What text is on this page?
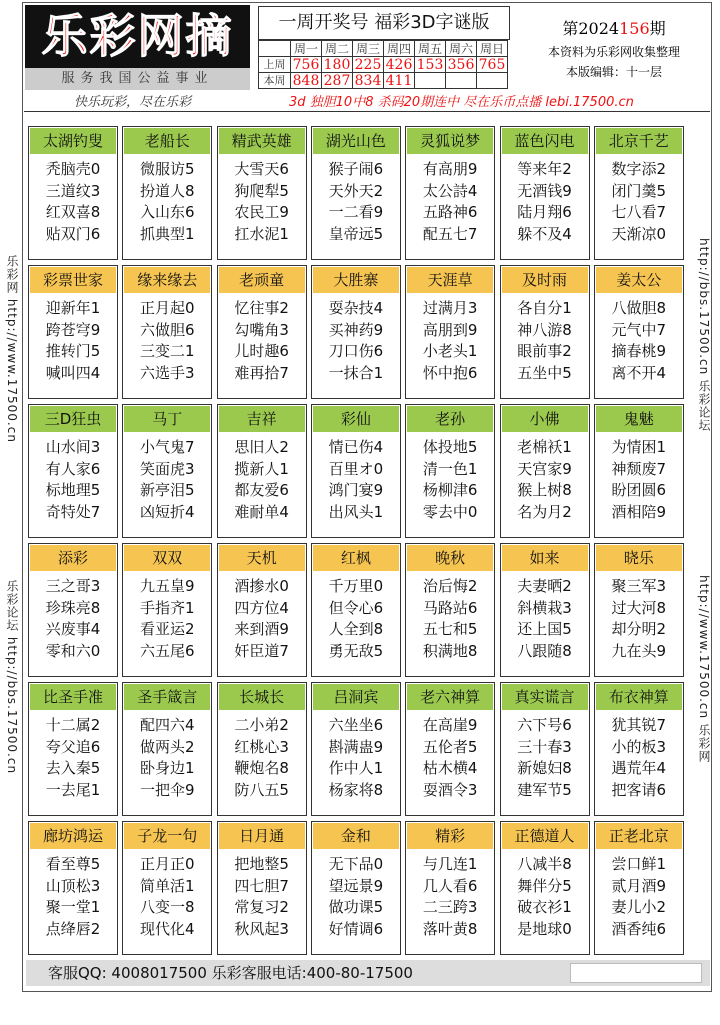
乐彩网摘
服务我国公益事业
一周开奖号 福彩3D字谜版
	周一	周二	周三	周四	周五	周六	周日
上周	756	180	225	426	153	356	765
本周	848	287	834	411			
第2024156期
本资料为乐彩网收集整理
本版编辑：十一层
快乐玩彩，尽在乐彩	3d 独胆10中8 杀码20期连中 尽在乐币点播 lebi.17500.cn
乐彩网 http://www.17500.cn
乐彩论坛 http://bbs.17500.cn
http://bbs.17500.cn 乐彩论坛
http://www.17500.cn 乐彩网
太湖钓叟
秃脑壳0
三道纹3
红双喜8
贴双门6
老船长
微服访5
扮道人8
入山东6
抓典型1
精武英雄
大雪天6
狗爬犁5
农民工9
扛水泥1
湖光山色
猴子闹6
天外天2
一二看9
皇帝远5
灵狐说梦
有高朋9
太公詩4
五路神6
配五七7
蓝色闪电
等来年2
无酒钱9
陆月翔6
躲不及4
北京千艺
数字添2
闭门羹5
七八看7
天渐凉0
彩票世家
迎新年1
跨苍穹9
推转门5
喊叫四4
缘来缘去
正月起0
六做胆6
三变二1
六选手3
老顽童
忆往事2
勾嘴角3
儿时趣6
难再拾7
大胜寨
耍杂技4
买神药9
刀口伤6
一抹合1
天涯草
过满月3
高朋到9
小老头1
怀中抱6
及时雨
各自分1
神八游8
眼前事2
五坐中5
姜太公
八做胆8
元气中7
摘春桃9
离不开4
三D狂虫
山水间3
有人家6
标地理5
奇特处7
马丁
小气鬼7
笑面虎3
新亭泪5
凶短折4
吉祥
思旧人2
揽新人1
都友爱6
难耐单4
彩仙
情已伤4
百里オ0
鸿门宴9
出风头1
老孙
体投地5
清一色1
杨柳津6
零去中0
小佛
老棉袄1
天宫家9
猴上树8
名为月2
鬼魅
为情困1
神颓废7
盼团圆6
酒相陪9
添彩
三之哥3
珍珠亮8
兴废事4
零和六0
双双
九五皇9
手指齐1
看亚运2
六五尾6
天机
酒掺水0
四方位4
来到酒9
奸臣道7
红枫
千万里0
但令心6
人全到8
勇无敌5
晚秋
治后悔2
马路站6
五七和5
积满地8
如来
夫妻晒2
斜横栽3
还上国5
八跟随8
晓乐
聚三军3
过大河8
却分明2
九在头9
比圣手准
十二属2
夸父追6
去入秦5
一去尾1
圣手箴言
配四六4
做两头2
卧身边1
一把伞9
长城长
二小弟2
红桃心3
鞭炮名8
防八五5
吕洞宾
六坐坐6
斟满蛊9
作中人1
杨家将8
老六神算
在高崖9
五伦者5
枯木横4
耍酒令3
真实谎言
六下号6
三十春3
新媳妇8
建军节5
布衣神算
犹其锐7
小的板3
遇荒年4
把客请6
廊坊鸿运
看至尊5
山顶松3
聚一堂1
点绛唇2
子龙一句
正月正0
简单活1
八变一8
现代化4
日月通
把地整5
四七胆7
常复习2
秋风起3
金和
无下品0
望远景9
做功课5
好情调6
精彩
与几连1
几人看6
二三跨3
落叶黄8
正德道人
八减半8
舞伴分5
破衣衫1
是地球0
正老北京
尝口鲜1
贰月酒9
妻儿小2
酒香纯6
客服QQ: 4008017500 乐彩客服电话:400-80-17500
